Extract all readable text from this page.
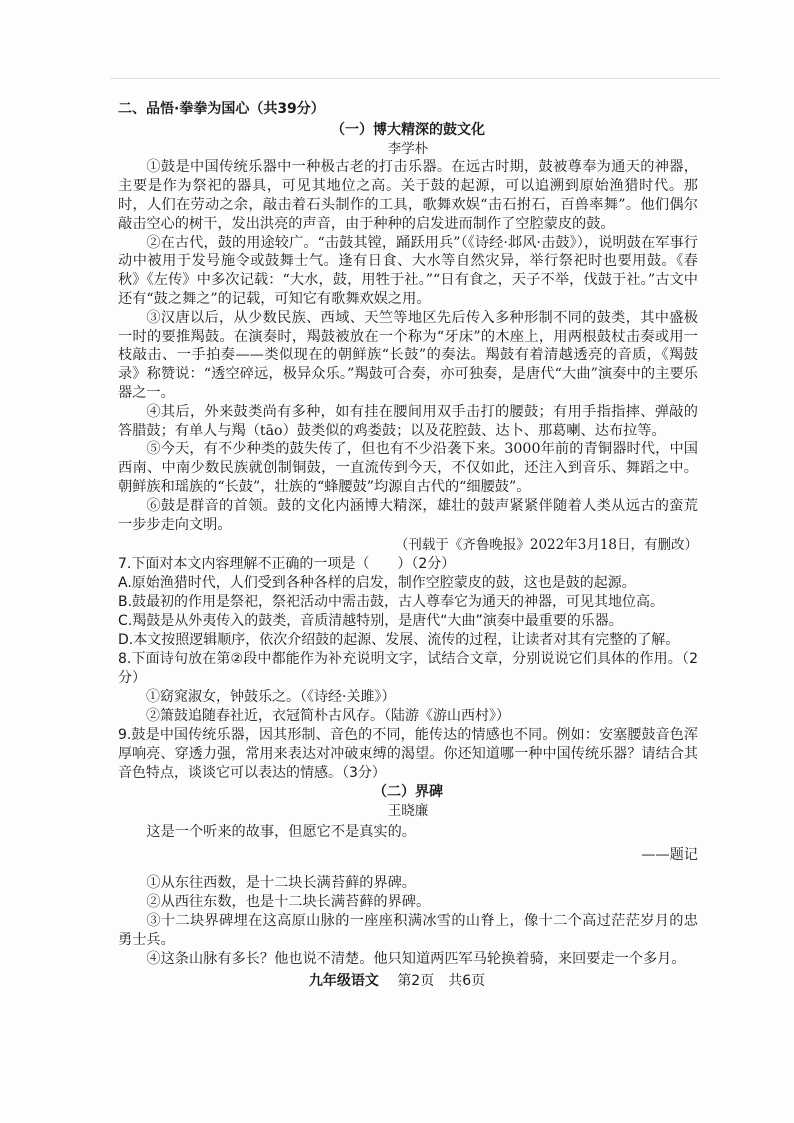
二、品悟·拳拳为国心（共39分）

（一）博大精深的鼓文化

李学朴

①鼓是中国传统乐器中一种极古老的打击乐器。在远古时期，鼓被尊奉为通天的神器，主要是作为祭祀的器具，可见其地位之高。关于鼓的起源，可以追溯到原始渔猎时代。那时，人们在劳动之余，敲击着石头制作的工具，歌舞欢娱“击石拊石，百兽率舞”。他们偶尔敲击空心的树干，发出洪亮的声音，由于种种的启发进而制作了空腔蒙皮的鼓。

②在古代，鼓的用途较广。“击鼓其镗，踊跃用兵”（《诗经·邶风·击鼓》），说明鼓在军事行动中被用于发号施令或鼓舞士气。逢有日食、大水等自然灾异，举行祭祀时也要用鼓。《春秋》《左传》中多次记载：“大水，鼓，用牲于社。”“日有食之，天子不举，伐鼓于社。”古文中还有“鼓之舞之”的记载，可知它有歌舞欢娱之用。

③汉唐以后，从少数民族、西域、天竺等地区先后传入多种形制不同的鼓类，其中盛极一时的要推羯鼓。在演奏时，羯鼓被放在一个称为“牙床”的木座上，用两根鼓杖击奏或用一枝敲击、一手拍奏——类似现在的朝鲜族“长鼓”的奏法。羯鼓有着清越透亮的音质，《羯鼓录》称赞说：“透空碎远，极异众乐。”羯鼓可合奏，亦可独奏，是唐代“大曲”演奏中的主要乐器之一。

④其后，外来鼓类尚有多种，如有挂在腰间用双手击打的腰鼓；有用手指指摔、弹敲的答腊鼓；有单人与羯（tāo）鼓类似的鸡娄鼓；以及花腔鼓、达卜、那葛喇、达布拉等。

⑤今天，有不少种类的鼓失传了，但也有不少沿袭下来。3000年前的青铜器时代，中国西南、中南少数民族就创制铜鼓，一直流传到今天，不仅如此，还注入到音乐、舞蹈之中。朝鲜族和瑶族的“长鼓”，壮族的“蜂腰鼓”均源自古代的“细腰鼓”。

⑥鼓是群音的首领。鼓的文化内涵博大精深，雄壮的鼓声紧紧伴随着人类从远古的蛮荒一步步走向文明。

（刊载于《齐鲁晚报》2022年3月18日，有删改）

7.下面对本文内容理解不正确的一项是（　　）（2分）

A.原始渔猎时代，人们受到各种各样的启发，制作空腔蒙皮的鼓，这也是鼓的起源。

B.鼓最初的作用是祭祀，祭祀活动中需击鼓，古人尊奉它为通天的神器，可见其地位高。

C.羯鼓是从外夷传入的鼓类，音质清越特别，是唐代“大曲”演奏中最重要的乐器。

D.本文按照逻辑顺序，依次介绍鼓的起源、发展、流传的过程，让读者对其有完整的了解。

8.下面诗句放在第②段中都能作为补充说明文字，试结合文章，分别说说它们具体的作用。（2分）

①窈窕淑女，钟鼓乐之。（《诗经·关雎》）

②箫鼓追随春社近，衣冠简朴古风存。（陆游《游山西村》）

9.鼓是中国传统乐器，因其形制、音色的不同，能传达的情感也不同。例如：安塞腰鼓音色浑厚响亮、穿透力强，常用来表达对冲破束缚的渴望。你还知道哪一种中国传统乐器？请结合其音色特点，谈谈它可以表达的情感。（3分）

（二）界碑

王晓廉

这是一个听来的故事，但愿它不是真实的。

——题记

①从东往西数，是十二块长满苔藓的界碑。

②从西往东数，也是十二块长满苔藓的界碑。

③十二块界碑埋在这高原山脉的一座座积满冰雪的山脊上，像十二个高过茫茫岁月的忠勇士兵。

④这条山脉有多长？他也说不清楚。他只知道两匹军马轮换着骑，来回要走一个多月。

九年级语文 第2页　共6页
